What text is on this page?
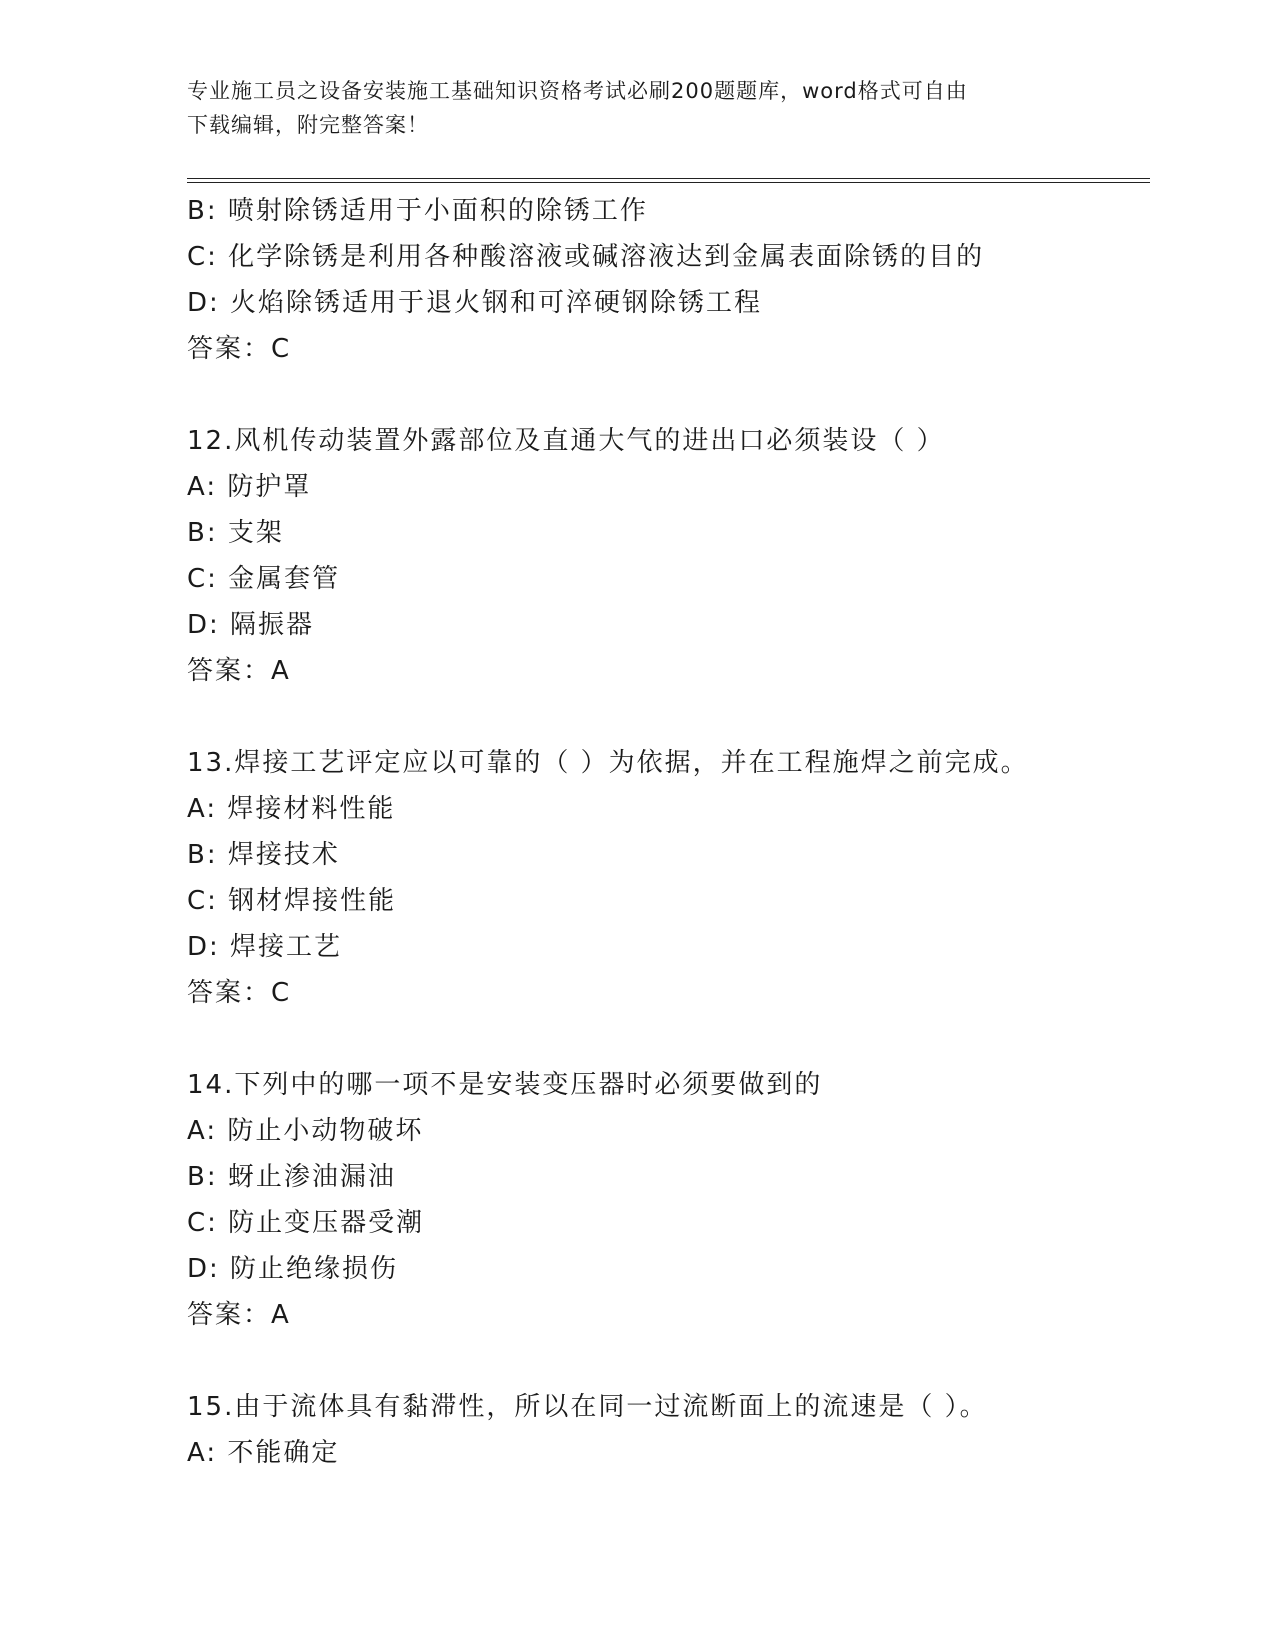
专业施工员之设备安装施工基础知识资格考试必刷200题题库，word格式可自由
下载编辑，附完整答案！
B: 喷射除锈适用于小面积的除锈工作
C: 化学除锈是利用各种酸溶液或碱溶液达到金属表面除锈的目的
D: 火焰除锈适用于退火钢和可淬硬钢除锈工程
答案：C
12.风机传动装置外露部位及直通大气的进出口必须装设（ ）
A: 防护罩
B: 支架
C: 金属套管
D: 隔振器
答案：A
13.焊接工艺评定应以可靠的（ ）为依据，并在工程施焊之前完成。
A: 焊接材料性能
B: 焊接技术
C: 钢材焊接性能
D: 焊接工艺
答案：C
14.下列中的哪一项不是安装变压器时必须要做到的
A: 防止小动物破坏
B: 蚜止渗油漏油
C: 防止变压器受潮
D: 防止绝缘损伤
答案：A
15.由于流体具有黏滞性，所以在同一过流断面上的流速是（ ）。
A: 不能确定
